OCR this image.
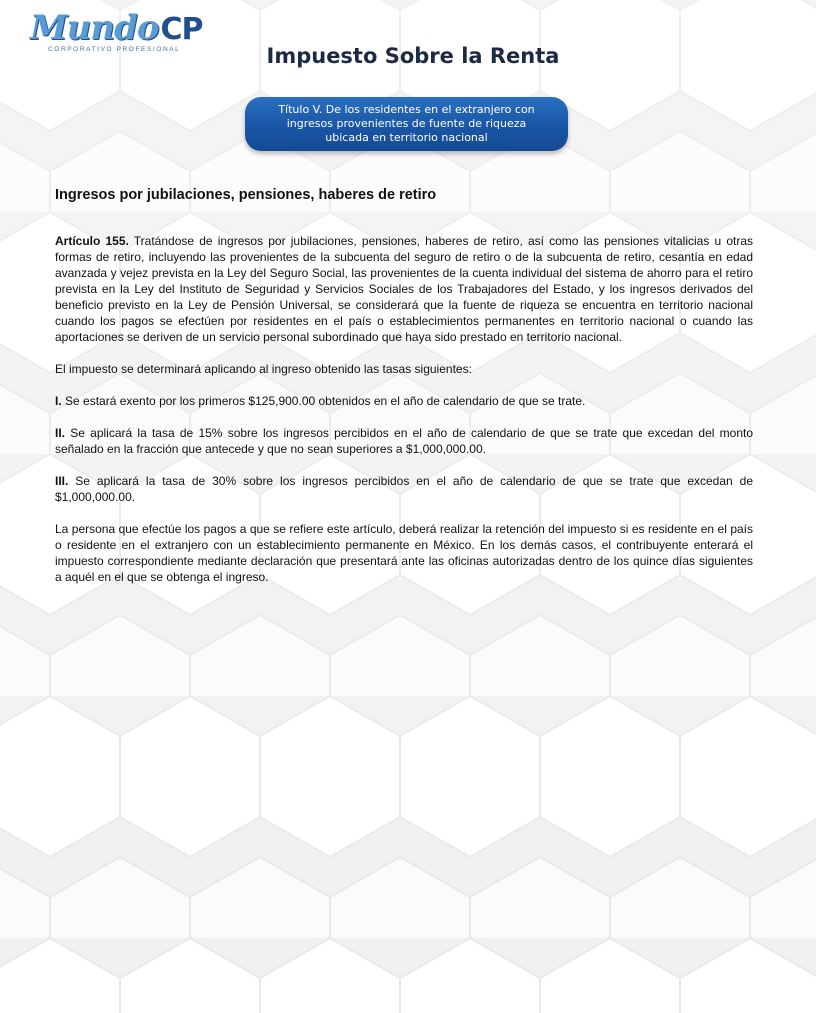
MundoCP
CORPORATIVO PROFESIONAL	Impuesto Sobre la Renta
Título V. De los residentes en el extranjero con
ingresos provenientes de fuente de riqueza
ubicada en territorio nacional
Ingresos por jubilaciones, pensiones, haberes de retiro

Artículo 155. Tratándose de ingresos por jubilaciones, pensiones, haberes de retiro, así como las pensiones vitalicias u otras formas de retiro, incluyendo las provenientes de la subcuenta del seguro de retiro o de la subcuenta de retiro, cesantía en edad avanzada y vejez prevista en la Ley del Seguro Social, las provenientes de la cuenta individual del sistema de ahorro para el retiro prevista en la Ley del Instituto de Seguridad y Servicios Sociales de los Trabajadores del Estado, y los ingresos derivados del beneficio previsto en la Ley de Pensión Universal, se considerará que la fuente de riqueza se encuentra en territorio nacional cuando los pagos se efectúen por residentes en el país o establecimientos permanentes en territorio nacional o cuando las aportaciones se deriven de un servicio personal subordinado que haya sido prestado en territorio nacional.

El impuesto se determinará aplicando al ingreso obtenido las tasas siguientes:

I. Se estará exento por los primeros $125,900.00 obtenidos en el año de calendario de que se trate.

II. Se aplicará la tasa de 15% sobre los ingresos percibidos en el año de calendario de que se trate que excedan del monto señalado en la fracción que antecede y que no sean superiores a $1,000,000.00.

III. Se aplicará la tasa de 30% sobre los ingresos percibidos en el año de calendario de que se trate que excedan de $1,000,000.00.

La persona que efectúe los pagos a que se refiere este artículo, deberá realizar la retención del impuesto si es residente en el país o residente en el extranjero con un establecimiento permanente en México. En los demás casos, el contribuyente enterará el impuesto correspondiente mediante declaración que presentará ante las oficinas autorizadas dentro de los quince días siguientes a aquél en el que se obtenga el ingreso.
